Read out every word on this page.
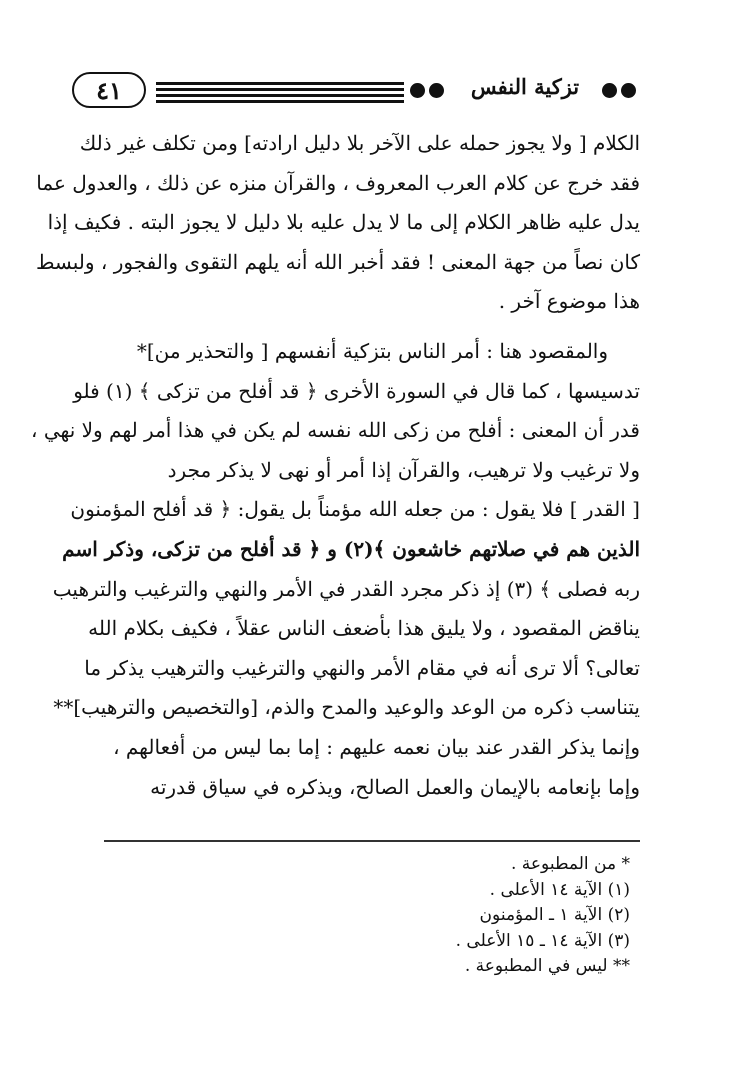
٤١	تزكية النفس
الكلام [ ولا يجوز حمله على الآخر بلا دليل ارادته] ومن تكلف غير ذلك
فقد خرج عن كلام العرب المعروف ، والقرآن منزه عن ذلك ، والعدول عما
يدل عليه ظاهر الكلام إلى ما لا يدل عليه بلا دليل لا يجوز البته . فكيف إذا
كان نصاً من جهة المعنى ! فقد أخبر الله أنه يلهم التقوى والفجور ، ولبسط
هذا موضوع آخر .
والمقصود هنا : أمر الناس بتزكية أنفسهم [ والتحذير من]*
تدسيسها ، كما قال في السورة الأخرى ﴿ قد أفلح من تزكى ﴾ (١) فلو
قدر أن المعنى : أفلح من زكى الله نفسه لم يكن في هذا أمر لهم ولا نهي ،
ولا ترغيب ولا ترهيب، والقرآن إذا أمر أو نهى لا يذكر مجرد
[ القدر ] فلا يقول : من جعله الله مؤمناً بل يقول: ﴿ قد أفلح المؤمنون
الذين هم في صلاتهم خاشعون ﴾(٢) و ﴿ قد أفلح من تزكى، وذكر اسم
ربه فصلى ﴾ (٣) إذ ذكر مجرد القدر في الأمر والنهي والترغيب والترهيب
يناقض المقصود ، ولا يليق هذا بأضعف الناس عقلاً ، فكيف بكلام الله
تعالى؟ ألا ترى أنه في مقام الأمر والنهي والترغيب والترهيب يذكر ما
يتناسب ذكره من الوعد والوعيد والمدح والذم، [والتخصيص والترهيب]**
وإنما يذكر القدر عند بيان نعمه عليهم : إما بما ليس من أفعالهم ،
وإما بإنعامه بالإيمان والعمل الصالح، ويذكره في سياق قدرته
* من المطبوعة .
(١) الآية ١٤ الأعلى .
(٢) الآية ١ ـ المؤمنون
(٣) الآية ١٤ ـ ١٥ الأعلى .
** ليس في المطبوعة .
